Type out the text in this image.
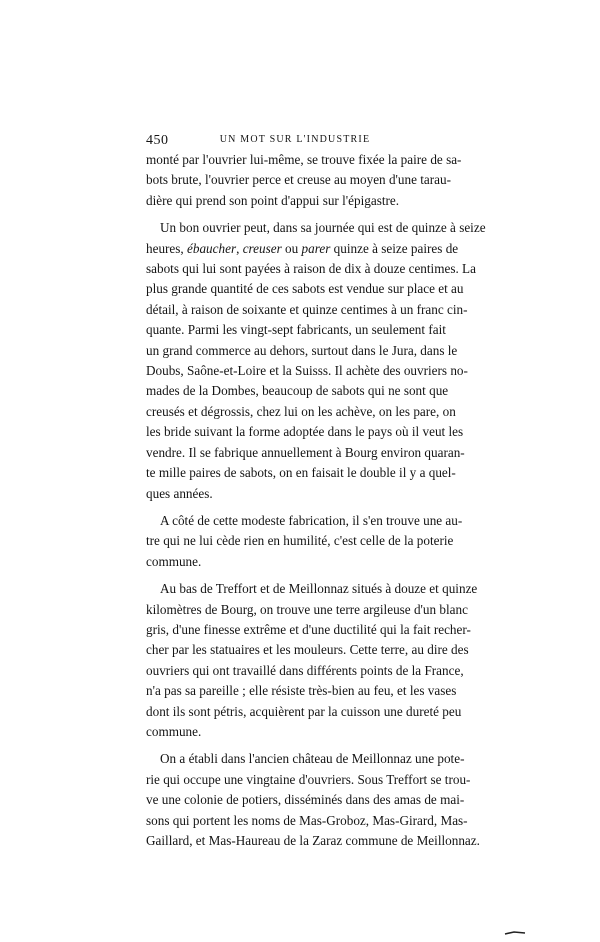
450	UN MOT SUR L'INDUSTRIE

monté par l'ouvrier lui-même, se trouve fixée la paire de sa-
bots brute, l'ouvrier perce et creuse au moyen d'une tarau-
dière qui prend son point d'appui sur l'épigastre.

Un bon ouvrier peut, dans sa journée qui est de quinze à seize
heures, ébaucher, creuser ou parer quinze à seize paires de
sabots qui lui sont payées à raison de dix à douze centimes. La
plus grande quantité de ces sabots est vendue sur place et au
détail, à raison de soixante et quinze centimes à un franc cin-
quante. Parmi les vingt-sept fabricants, un seulement fait
un grand commerce au dehors, surtout dans le Jura, dans le
Doubs, Saône-et-Loire et la Suisss. Il achète des ouvriers no-
mades de la Dombes, beaucoup de sabots qui ne sont que
creusés et dégrossis, chez lui on les achève, on les pare, on
les bride suivant la forme adoptée dans le pays où il veut les
vendre. Il se fabrique annuellement à Bourg environ quaran-
te mille paires de sabots, on en faisait le double il y a quel-
ques années.

A côté de cette modeste fabrication, il s'en trouve une au-
tre qui ne lui cède rien en humilité, c'est celle de la poterie
commune.

Au bas de Treffort et de Meillonnaz situés à douze et quinze
kilomètres de Bourg, on trouve une terre argileuse d'un blanc
gris, d'une finesse extrême et d'une ductilité qui la fait recher-
cher par les statuaires et les mouleurs. Cette terre, au dire des
ouvriers qui ont travaillé dans différents points de la France,
n'a pas sa pareille ; elle résiste très-bien au feu, et les vases
dont ils sont pétris, acquièrent par la cuisson une dureté peu
commune.

On a établi dans l'ancien château de Meillonnaz une pote-
rie qui occupe une vingtaine d'ouvriers. Sous Treffort se trou-
ve une colonie de potiers, disséminés dans des amas de mai-
sons qui portent les noms de Mas-Groboz, Mas-Girard, Mas-
Gaillard, et Mas-Haureau de la Zaraz commune de Meillonnaz.
